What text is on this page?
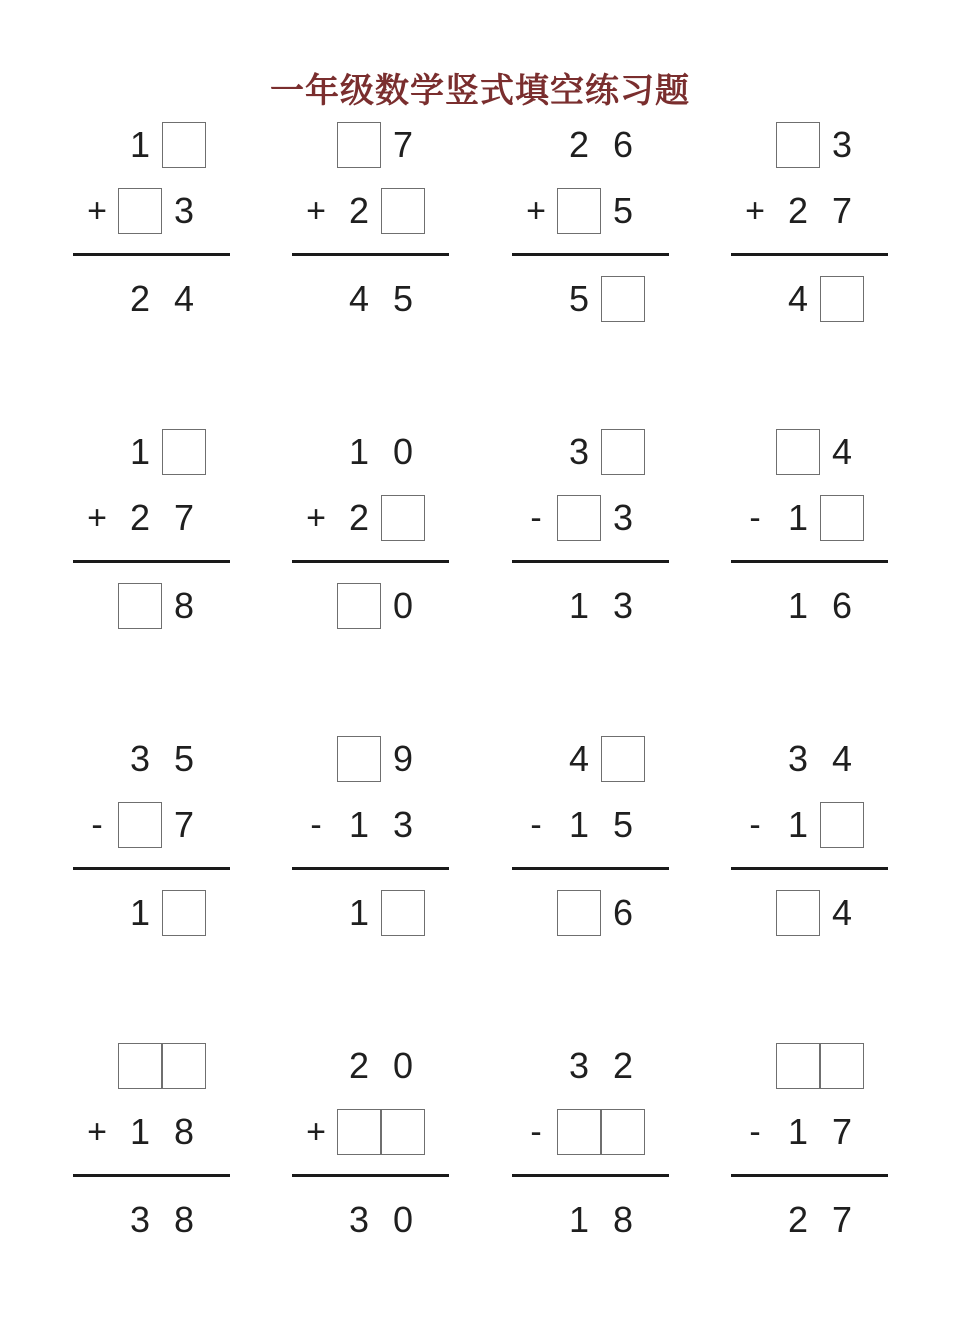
一年级数学竖式填空练习题
1
+	3
2 4
7
+ 2
4 5
2 6
+	5
5
3
+ 2 7
4
1
+ 2 7
8
1 0
+ 2
0
3
-	3
1 3
4
- 1
1 6
3 5
-	7
1
9
- 1 3
1
4
- 1 5
6
3 4
- 1
4
+ 1 8
3 8
2 0
+
3 0
3 2
-
1 8
- 1 7
2 7
